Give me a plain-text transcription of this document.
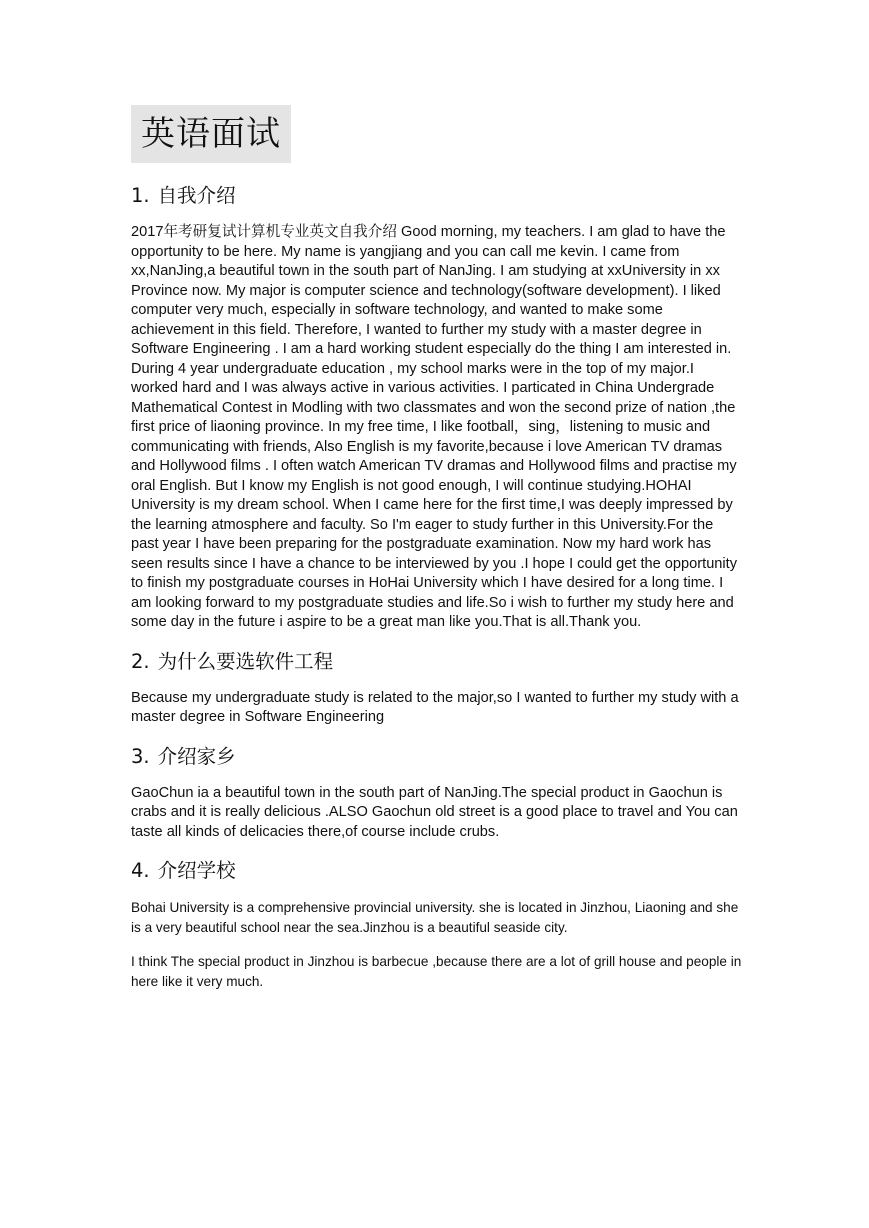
英语面试
1. 自我介绍

2017年考研复试计算机专业英文自我介绍 Good morning, my teachers. I am glad to have the opportunity to be here. My name is yangjiang and you can call me kevin. I came from xx,NanJing,a beautiful town in the south part of NanJing. I am studying at xxUniversity in xx Province now. My major is computer science and technology(software development). I liked computer very much, especially in software technology, and wanted to make some achievement in this field. Therefore, I wanted to further my study with a master degree in Software Engineering . I am a hard working student especially do the thing I am interested in. During 4 year undergraduate education , my school marks were in the top of my major.I worked hard and I was always active in various activities. I particated in China Undergrade Mathematical Contest in Modling with two classmates and won the second prize of nation ,the first price of liaoning province. In my free time, I like football，sing，listening to music and communicating with friends, Also English is my favorite,because i love American TV dramas and Hollywood films . I often watch American TV dramas and Hollywood films and practise my oral English. But I know my English is not good enough, I will continue studying.HOHAI University is my dream school. When I came here for the first time,I was deeply impressed by the learning atmosphere and faculty. So I'm eager to study further in this University.For the past year I have been preparing for the postgraduate examination. Now my hard work has seen results since I have a chance to be interviewed by you .I hope I could get the opportunity to finish my postgraduate courses in HoHai University which I have desired for a long time. I am looking forward to my postgraduate studies and life.So i wish to further my study here and some day in the future i aspire to be a great man like you.That is all.Thank you.

2. 为什么要选软件工程

Because my undergraduate study is related to the major,so I wanted to further my study with a master degree in Software Engineering

3. 介绍家乡

GaoChun ia a beautiful town in the south part of NanJing.The special product in Gaochun is crabs and it is really delicious .ALSO Gaochun old street is a good place to travel and You can taste all kinds of delicacies there,of course include crubs.

4. 介绍学校

Bohai University is a comprehensive provincial university. she is located in Jinzhou, Liaoning and she is a very beautiful school near the sea.Jinzhou is a beautiful seaside city.

I think The special product in Jinzhou is barbecue ,because there are a lot of grill house and people in here like it very much.
